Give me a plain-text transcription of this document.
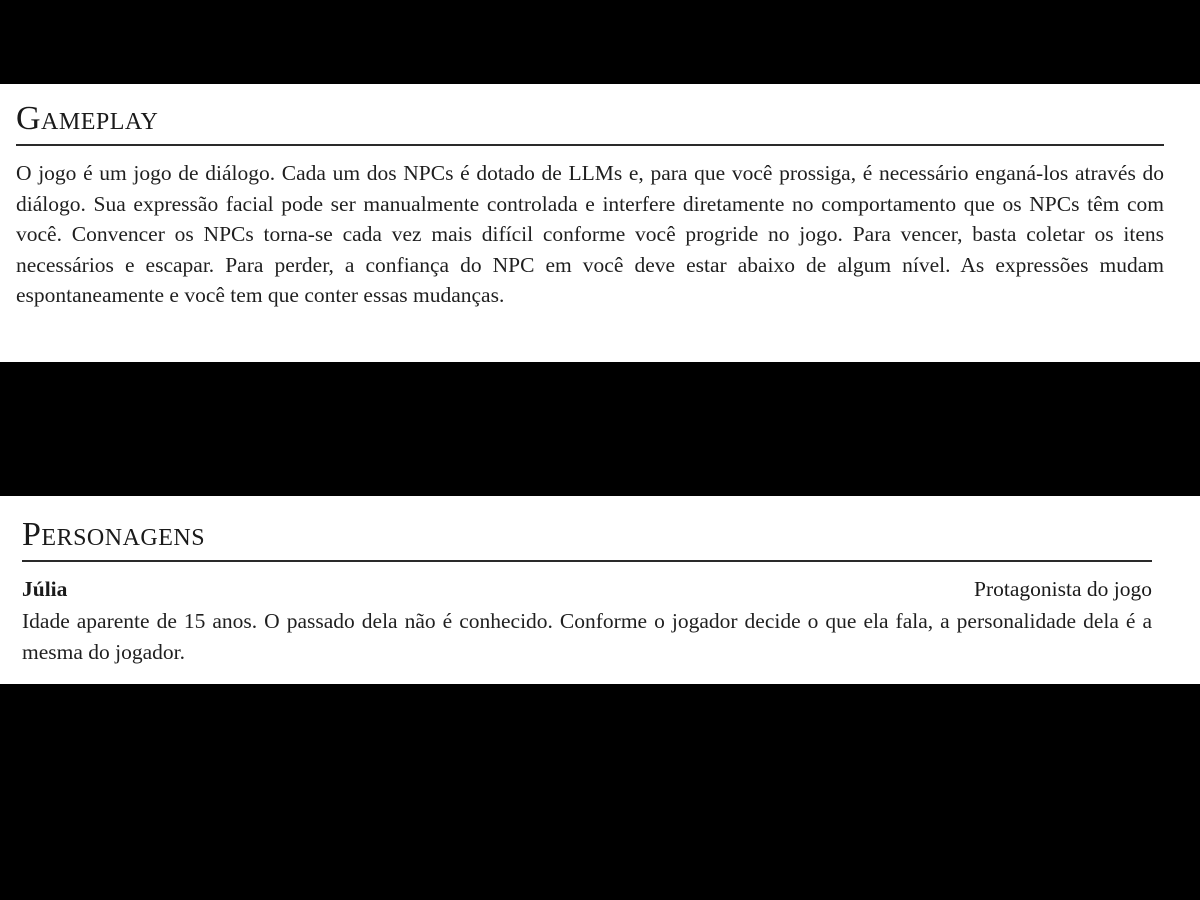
Gameplay

O jogo é um jogo de diálogo. Cada um dos NPCs é dotado de LLMs e, para que você prossiga, é necessário enganá-los através do diálogo. Sua expressão facial pode ser manualmente controlada e interfere diretamente no comportamento que os NPCs têm com você. Convencer os NPCs torna-se cada vez mais difícil conforme você progride no jogo. Para vencer, basta coletar os itens necessários e escapar. Para perder, a confiança do NPC em você deve estar abaixo de algum nível. As expressões mudam espontaneamente e você tem que conter essas mudanças.

Personagens
Júlia	Protagonista do jogo

Idade aparente de 15 anos. O passado dela não é conhecido. Conforme o jogador decide o que ela fala, a personalidade dela é a mesma do jogador.
